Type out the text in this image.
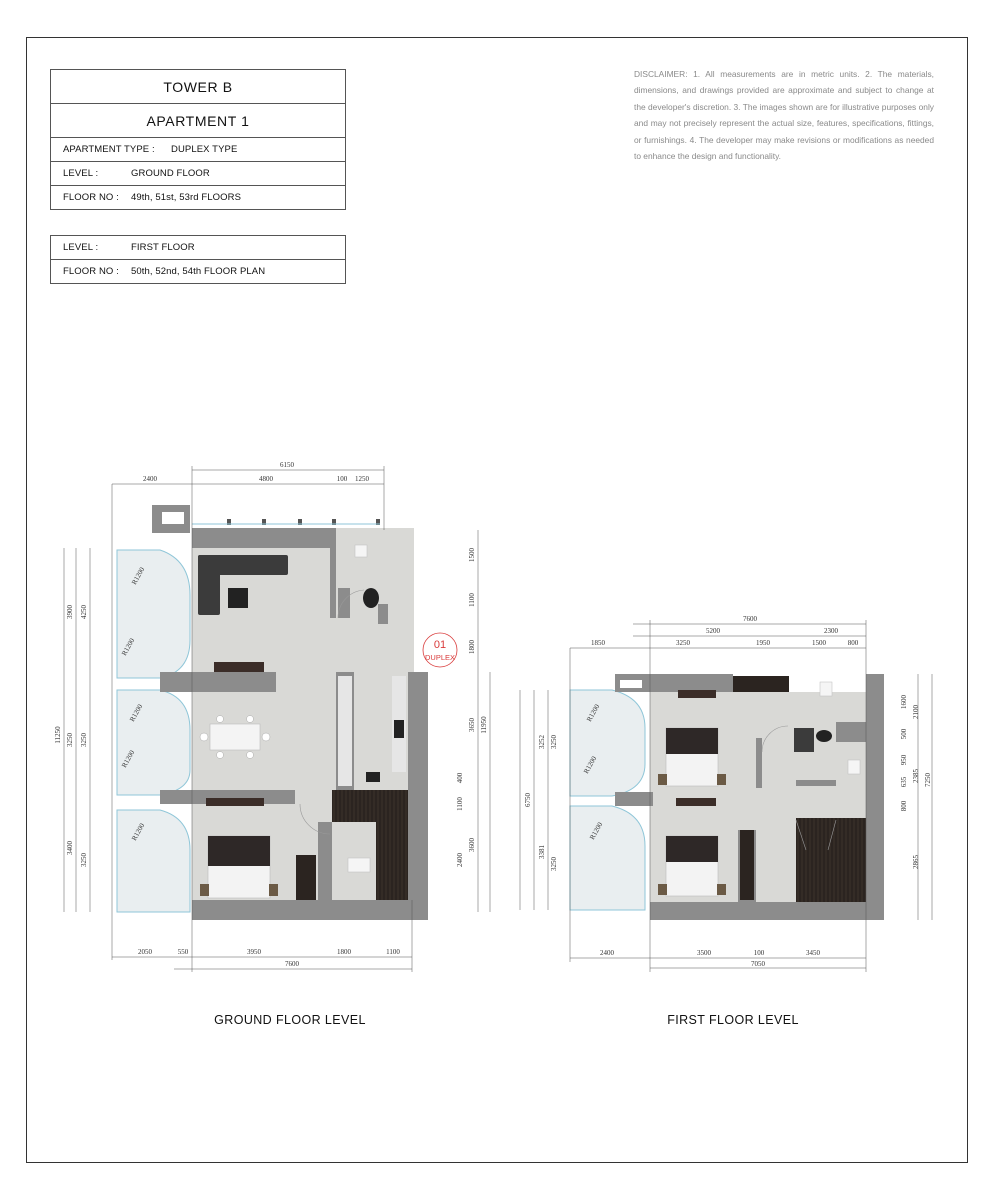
TOWER B
APARTMENT 1
APARTMENT TYPE :	DUPLEX TYPE
LEVEL :	GROUND FLOOR
FLOOR NO :	49th, 51st, 53rd FLOORS
LEVEL :	FIRST FLOOR
FLOOR NO :	50th, 52nd, 54th FLOOR PLAN
DISCLAIMER: 1. All measurements are in metric units. 2. The materials, dimensions, and drawings provided are approximate and subject to change at the developer's discretion. 3. The images shown are for illustrative purposes only and may not precisely represent the actual size, features, specifications, fittings, or furnishings. 4. The developer may make revisions or modifications as needed to enhance the design and functionality.
GROUND FLOOR LEVEL	FIRST FLOOR LEVEL
01
DUPLEX
6150
2400	4800	100 1250
2050	550	3950	1800	1100
7600
3900 4250
11250 3250 3250
3400
3250
1500
1100
1800
3650 11950
400
1100
3600
2400
R1200
R1200
R1200
R1200
R1200
7600
5200	2300
1850	3250	1950	1500	800
2400	3500	100	3450
7050
3252 3250
6750
3381
3250
1600
2100
500
950
2385
635 7250
800
2865
R1200
R1200
R1200
